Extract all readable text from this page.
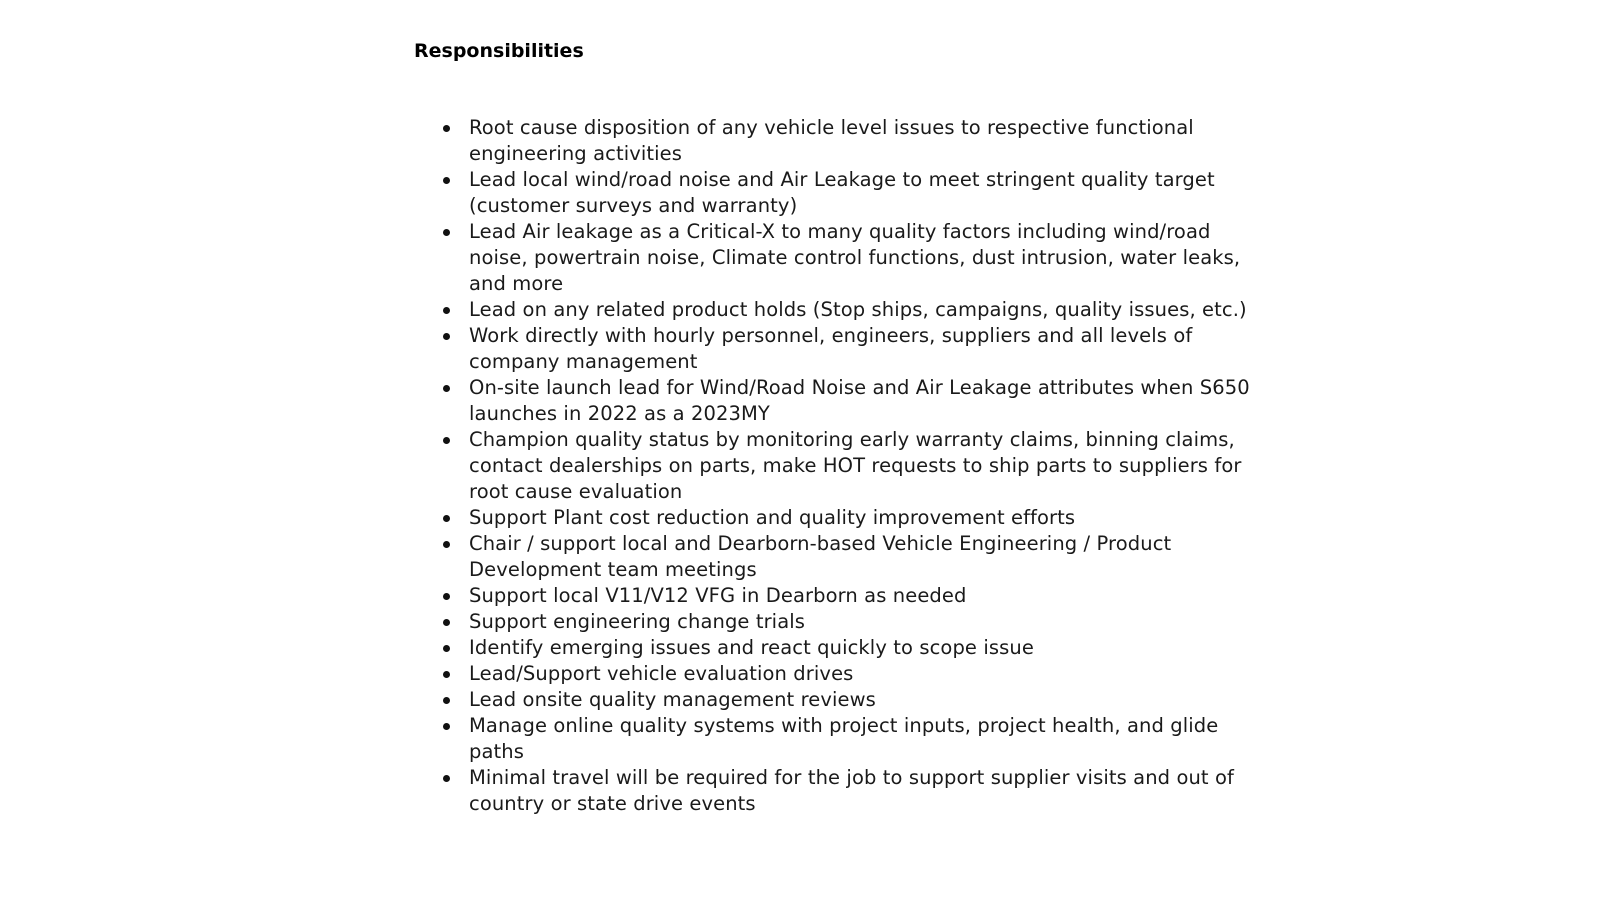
Responsibilities
Root cause disposition of any vehicle level issues to respective functional engineering activities
Lead local wind/road noise and Air Leakage to meet stringent quality target (customer surveys and warranty)
Lead Air leakage as a Critical-X to many quality factors including wind/road noise, powertrain noise, Climate control functions, dust intrusion, water leaks, and more
Lead on any related product holds (Stop ships, campaigns, quality issues, etc.)
Work directly with hourly personnel, engineers, suppliers and all levels of company management
On-site launch lead for Wind/Road Noise and Air Leakage attributes when S650 launches in 2022 as a 2023MY
Champion quality status by monitoring early warranty claims, binning claims, contact dealerships on parts, make HOT requests to ship parts to suppliers for root cause evaluation
Support Plant cost reduction and quality improvement efforts
Chair / support local and Dearborn-based Vehicle Engineering / Product Development team meetings
Support local V11/V12 VFG in Dearborn as needed
Support engineering change trials
Identify emerging issues and react quickly to scope issue
Lead/Support vehicle evaluation drives
Lead onsite quality management reviews
Manage online quality systems with project inputs, project health, and glide paths
Minimal travel will be required for the job to support supplier visits and out of country or state drive events
